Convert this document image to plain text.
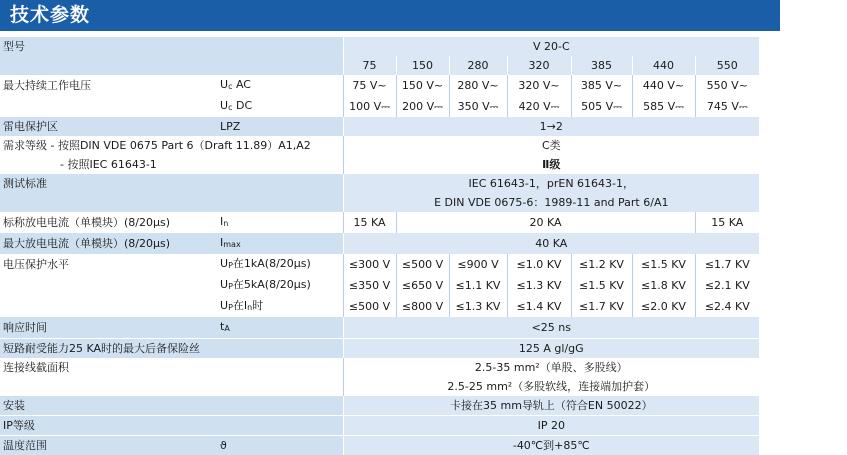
技术参数
型号		V 20-C						
		75	150	280	320	385	440	550
最大持续工作电压	$U_c$ AC	75 V~	150 V~	280 V~	320 V~	385 V~	440 V~	550 V~
	$U_c$ DC	100 V⎓	200 V⎓	350 V⎓	420 V⎓	505 V⎓	585 V⎓	745 V⎓
雷电保护区	LPZ	1→2						
需求等级 - 按照DIN VDE 0675 Part 6（Draft 11.89）A1,A2		C类						
- 按照IEC 61643-1		Ⅱ级						
测试标准		IEC 61643-1，prEN 61643-1，						
		E DIN VDE 0675-6：1989-11 and Part 6/A1						
标称放电电流（单模块）(8/20μs)	$I_n$	15 KA	20 KA					15 KA
最大放电电流（单模块）(8/20μs)	$I_{max}$	40 KA						
电压保护水平	$U_P$在1kA(8/20μs)	≤300 V	≤500 V	≤900 V	≤1.0 KV	≤1.2 KV	≤1.5 KV	≤1.7 KV
	$U_P$在5kA(8/20μs)	≤350 V	≤650 V	≤1.1 KV	≤1.3 KV	≤1.5 KV	≤1.8 KV	≤2.1 KV
	$U_P$在$I_n$时	≤500 V	≤800 V	≤1.3 KV	≤1.4 KV	≤1.7 KV	≤2.0 KV	≤2.4 KV
响应时间	$t_A$	<25 ns						
短路耐受能力25 KA时的最大后备保险丝		125 A gl/gG						
连接线截面积		2.5-35 mm²（单股、多股线）						
		2.5-25 mm²（多股软线，连接端加护套）						
安装		卡接在35 mm导轨上（符合EN 50022）						
IP等级		IP 20						
温度范围	ϑ	-40℃到+85℃						
